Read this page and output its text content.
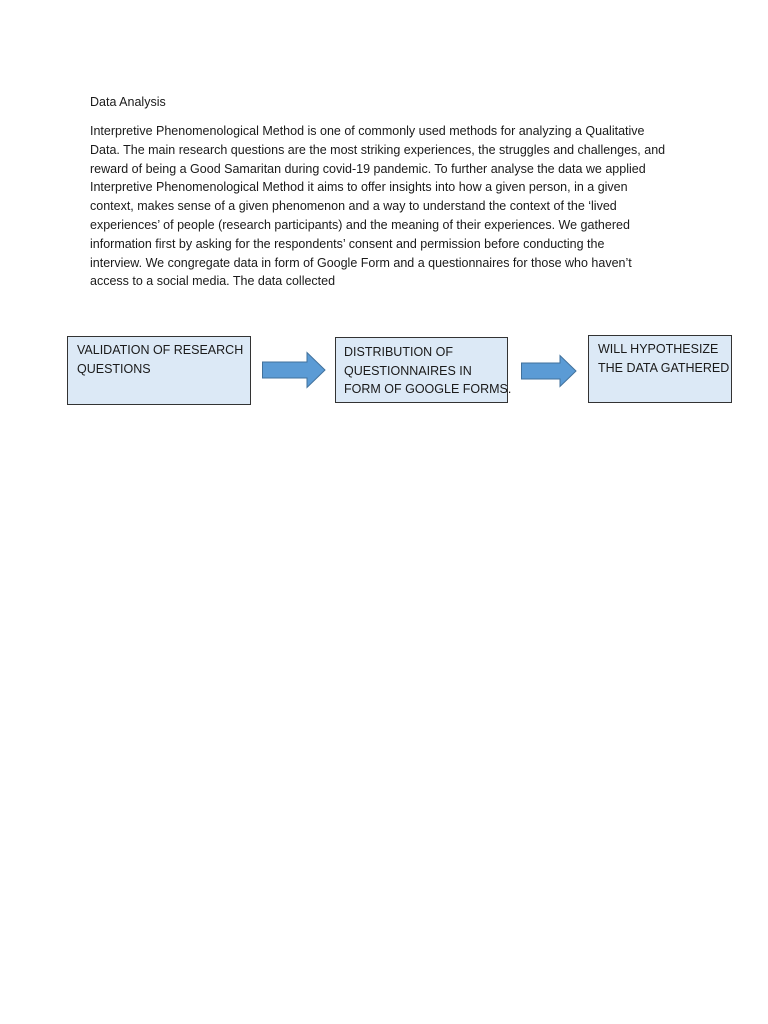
Data Analysis
Interpretive Phenomenological Method is one of commonly used methods for analyzing a Qualitative
Data. The main research questions are the most striking experiences, the struggles and challenges, and
reward of being a Good Samaritan during covid-19 pandemic. To further analyse the data we applied
Interpretive Phenomenological Method it aims to offer insights into how a given person, in a given
context, makes sense of a given phenomenon and a way to understand the context of the ‘lived
experiences’ of people (research participants) and the meaning of their experiences. We gathered
information first by asking for the respondents’ consent and permission before conducting the
interview. We congregate data in form of Google Form and a questionnaires for those who haven’t
access to a social media. The data collected
VALIDATION OF RESEARCH
QUESTIONS
DISTRIBUTION OF
QUESTIONNAIRES IN
FORM OF GOOGLE FORMS.
WILL HYPOTHESIZE
THE DATA GATHERED
